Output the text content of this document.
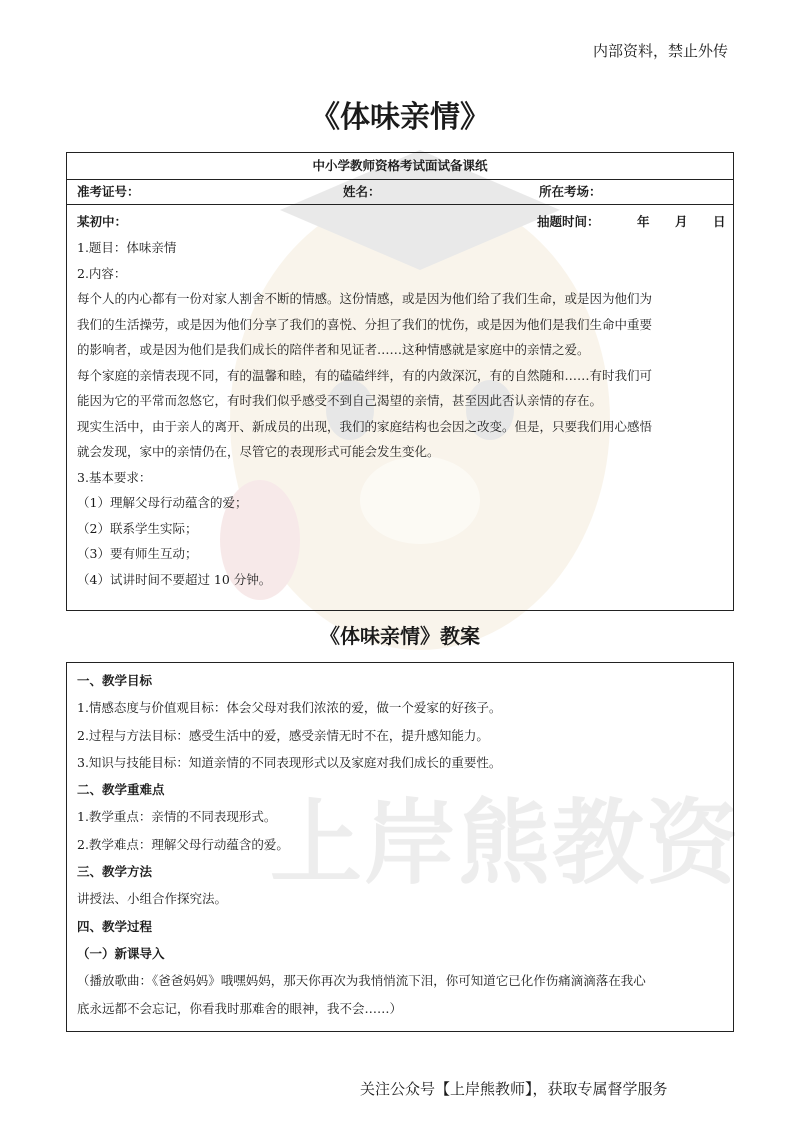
上岸熊教资
内部资料，禁止外传
《体味亲情》
中小学教师资格考试面试备课纸
准考证号：	姓名：	所在考场：
某初中：	抽题时间：	年 月 日
1.题目：体味亲情
2.内容：
每个人的内心都有一份对家人割舍不断的情感。这份情感，或是因为他们给了我们生命，或是因为他们为
我们的生活操劳，或是因为他们分享了我们的喜悦、分担了我们的忧伤，或是因为他们是我们生命中重要
的影响者，或是因为他们是我们成长的陪伴者和见证者……这种情感就是家庭中的亲情之爱。
每个家庭的亲情表现不同，有的温馨和睦，有的磕磕绊绊，有的内敛深沉，有的自然随和……有时我们可
能因为它的平常而忽悠它，有时我们似乎感受不到自己渴望的亲情，甚至因此否认亲情的存在。
现实生活中，由于亲人的离开、新成员的出现，我们的家庭结构也会因之改变。但是，只要我们用心感悟
就会发现，家中的亲情仍在，尽管它的表现形式可能会发生变化。
3.基本要求：
（1）理解父母行动蕴含的爱；
（2）联系学生实际；
（3）要有师生互动；
（4）试讲时间不要超过 10 分钟。
《体味亲情》教案
一、教学目标
1.情感态度与价值观目标：体会父母对我们浓浓的爱，做一个爱家的好孩子。
2.过程与方法目标：感受生活中的爱，感受亲情无时不在，提升感知能力。
3.知识与技能目标：知道亲情的不同表现形式以及家庭对我们成长的重要性。
二、教学重难点
1.教学重点：亲情的不同表现形式。
2.教学难点：理解父母行动蕴含的爱。
三、教学方法
讲授法、小组合作探究法。
四、教学过程
（一）新课导入
（播放歌曲：《爸爸妈妈》哦嘿妈妈，那天你再次为我悄悄流下泪，你可知道它已化作伤痛滴滴落在我心
底永远都不会忘记，你看我时那难舍的眼神，我不会……）
关注公众号【上岸熊教师】，获取专属督学服务
